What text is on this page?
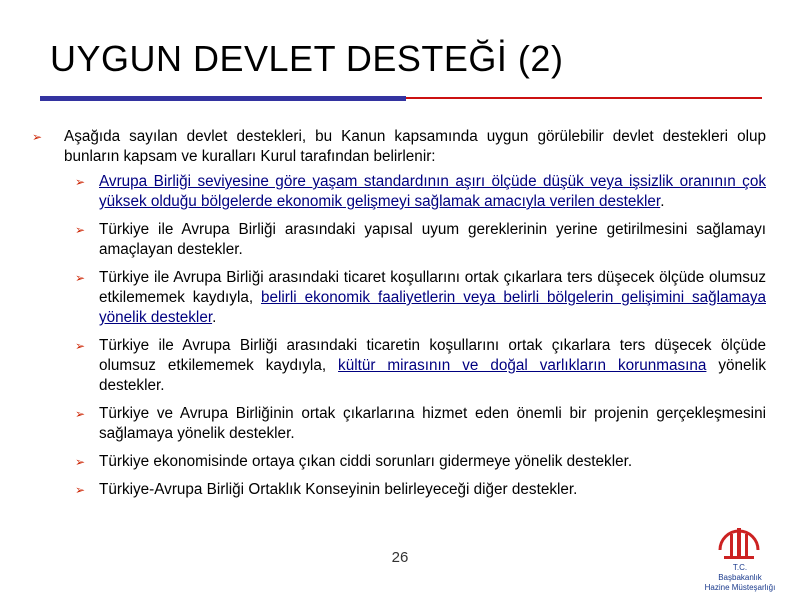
UYGUN DEVLET DESTEĞİ (2)
➢ Aşağıda sayılan devlet destekleri, bu Kanun kapsamında uygun görülebilir devlet destekleri olup bunların kapsam ve kuralları Kurul tarafından belirlenir:
➢ Avrupa Birliği seviyesine göre yaşam standardının aşırı ölçüde düşük veya işsizlik oranının çok yüksek olduğu bölgelerde ekonomik gelişmeyi sağlamak amacıyla verilen destekler.
➢ Türkiye ile Avrupa Birliği arasındaki yapısal uyum gereklerinin yerine getirilmesini sağlamayı amaçlayan destekler.
➢ Türkiye ile Avrupa Birliği arasındaki ticaret koşullarını ortak çıkarlara ters düşecek ölçüde olumsuz etkilememek kaydıyla, belirli ekonomik faaliyetlerin veya belirli bölgelerin gelişimini sağlamaya yönelik destekler.
➢ Türkiye ile Avrupa Birliği arasındaki ticaretin koşullarını ortak çıkarlara ters düşecek ölçüde olumsuz etkilememek kaydıyla, kültür mirasının ve doğal varlıkların korunmasına yönelik destekler.
➢ Türkiye ve Avrupa Birliğinin ortak çıkarlarına hizmet eden önemli bir projenin gerçekleşmesini sağlamaya yönelik destekler.
➢ Türkiye ekonomisinde ortaya çıkan ciddi sorunları gidermeye yönelik destekler.
➢ Türkiye-Avrupa Birliği Ortaklık Konseyinin belirleyeceği diğer destekler.
26
T.C.
Başbakanlık
Hazine Müsteşarlığı
